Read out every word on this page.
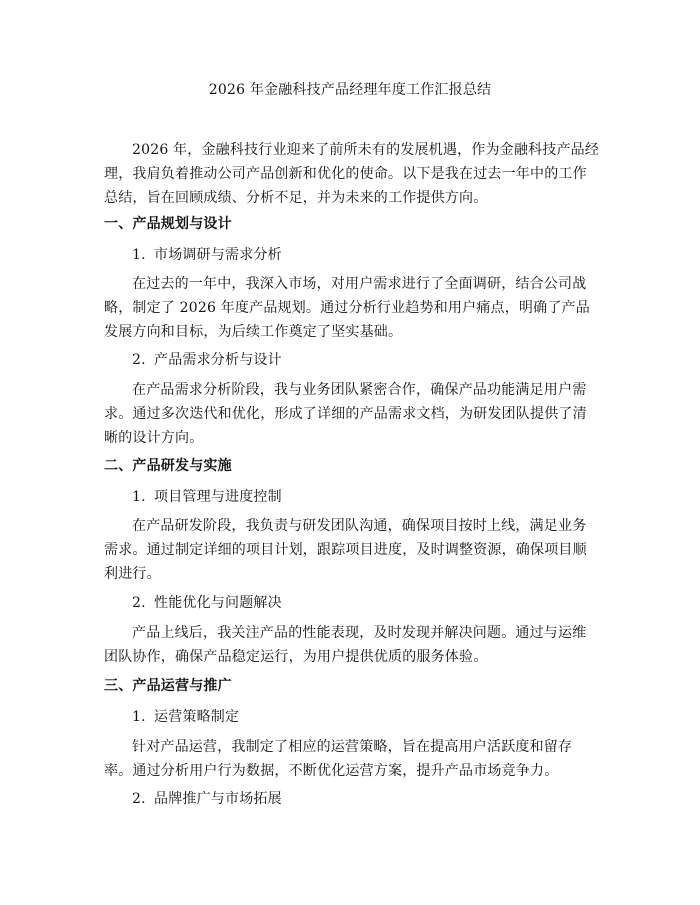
2026 年金融科技产品经理年度工作汇报总结

2026 年，金融科技行业迎来了前所未有的发展机遇，作为金融科技产品经理，我肩负着推动公司产品创新和优化的使命。以下是我在过去一年中的工作总结，旨在回顾成绩、分析不足，并为未来的工作提供方向。

一、产品规划与设计
1. 市场调研与需求分析

在过去的一年中，我深入市场，对用户需求进行了全面调研，结合公司战略，制定了 2026 年度产品规划。通过分析行业趋势和用户痛点，明确了产品发展方向和目标，为后续工作奠定了坚实基础。

2. 产品需求分析与设计

在产品需求分析阶段，我与业务团队紧密合作，确保产品功能满足用户需求。通过多次迭代和优化，形成了详细的产品需求文档，为研发团队提供了清晰的设计方向。

二、产品研发与实施
1. 项目管理与进度控制

在产品研发阶段，我负责与研发团队沟通，确保项目按时上线，满足业务需求。通过制定详细的项目计划，跟踪项目进度，及时调整资源，确保项目顺利进行。

2. 性能优化与问题解决

产品上线后，我关注产品的性能表现，及时发现并解决问题。通过与运维团队协作，确保产品稳定运行，为用户提供优质的服务体验。

三、产品运营与推广
1. 运营策略制定

针对产品运营，我制定了相应的运营策略，旨在提高用户活跃度和留存率。通过分析用户行为数据，不断优化运营方案，提升产品市场竞争力。

2. 品牌推广与市场拓展
